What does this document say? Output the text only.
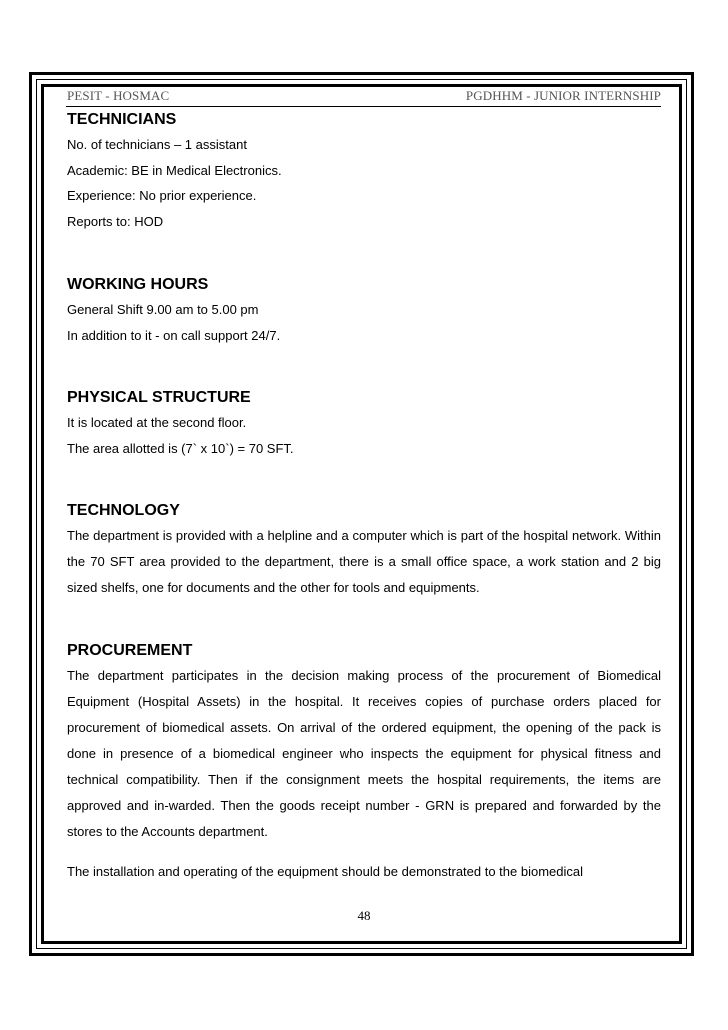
PESIT - HOSMAC	PGDHHM - JUNIOR INTERNSHIP
TECHNICIANS

No. of technicians – 1 assistant

Academic: BE in Medical Electronics.

Experience: No prior experience.

Reports to: HOD

WORKING HOURS

General Shift 9.00 am to 5.00 pm

In addition to it - on call support 24/7.

PHYSICAL STRUCTURE

It is located at the second floor.

The area allotted is (7` x 10`) = 70 SFT.

TECHNOLOGY

The department is provided with a helpline and a computer which is part of the hospital network. Within the 70 SFT area provided to the department, there is a small office space, a work station and 2 big sized shelfs, one for documents and the other for tools and equipments.

PROCUREMENT

The department participates in the decision making process of the procurement of Biomedical Equipment (Hospital Assets) in the hospital. It receives copies of purchase orders placed for procurement of biomedical assets. On arrival of the ordered equipment, the opening of the pack is done in presence of a biomedical engineer who inspects the equipment for physical fitness and technical compatibility. Then if the consignment meets the hospital requirements, the items are approved and in-warded. Then the goods receipt number - GRN is prepared and forwarded by the stores to the Accounts department.

The installation and operating of the equipment should be demonstrated to the biomedical

48
